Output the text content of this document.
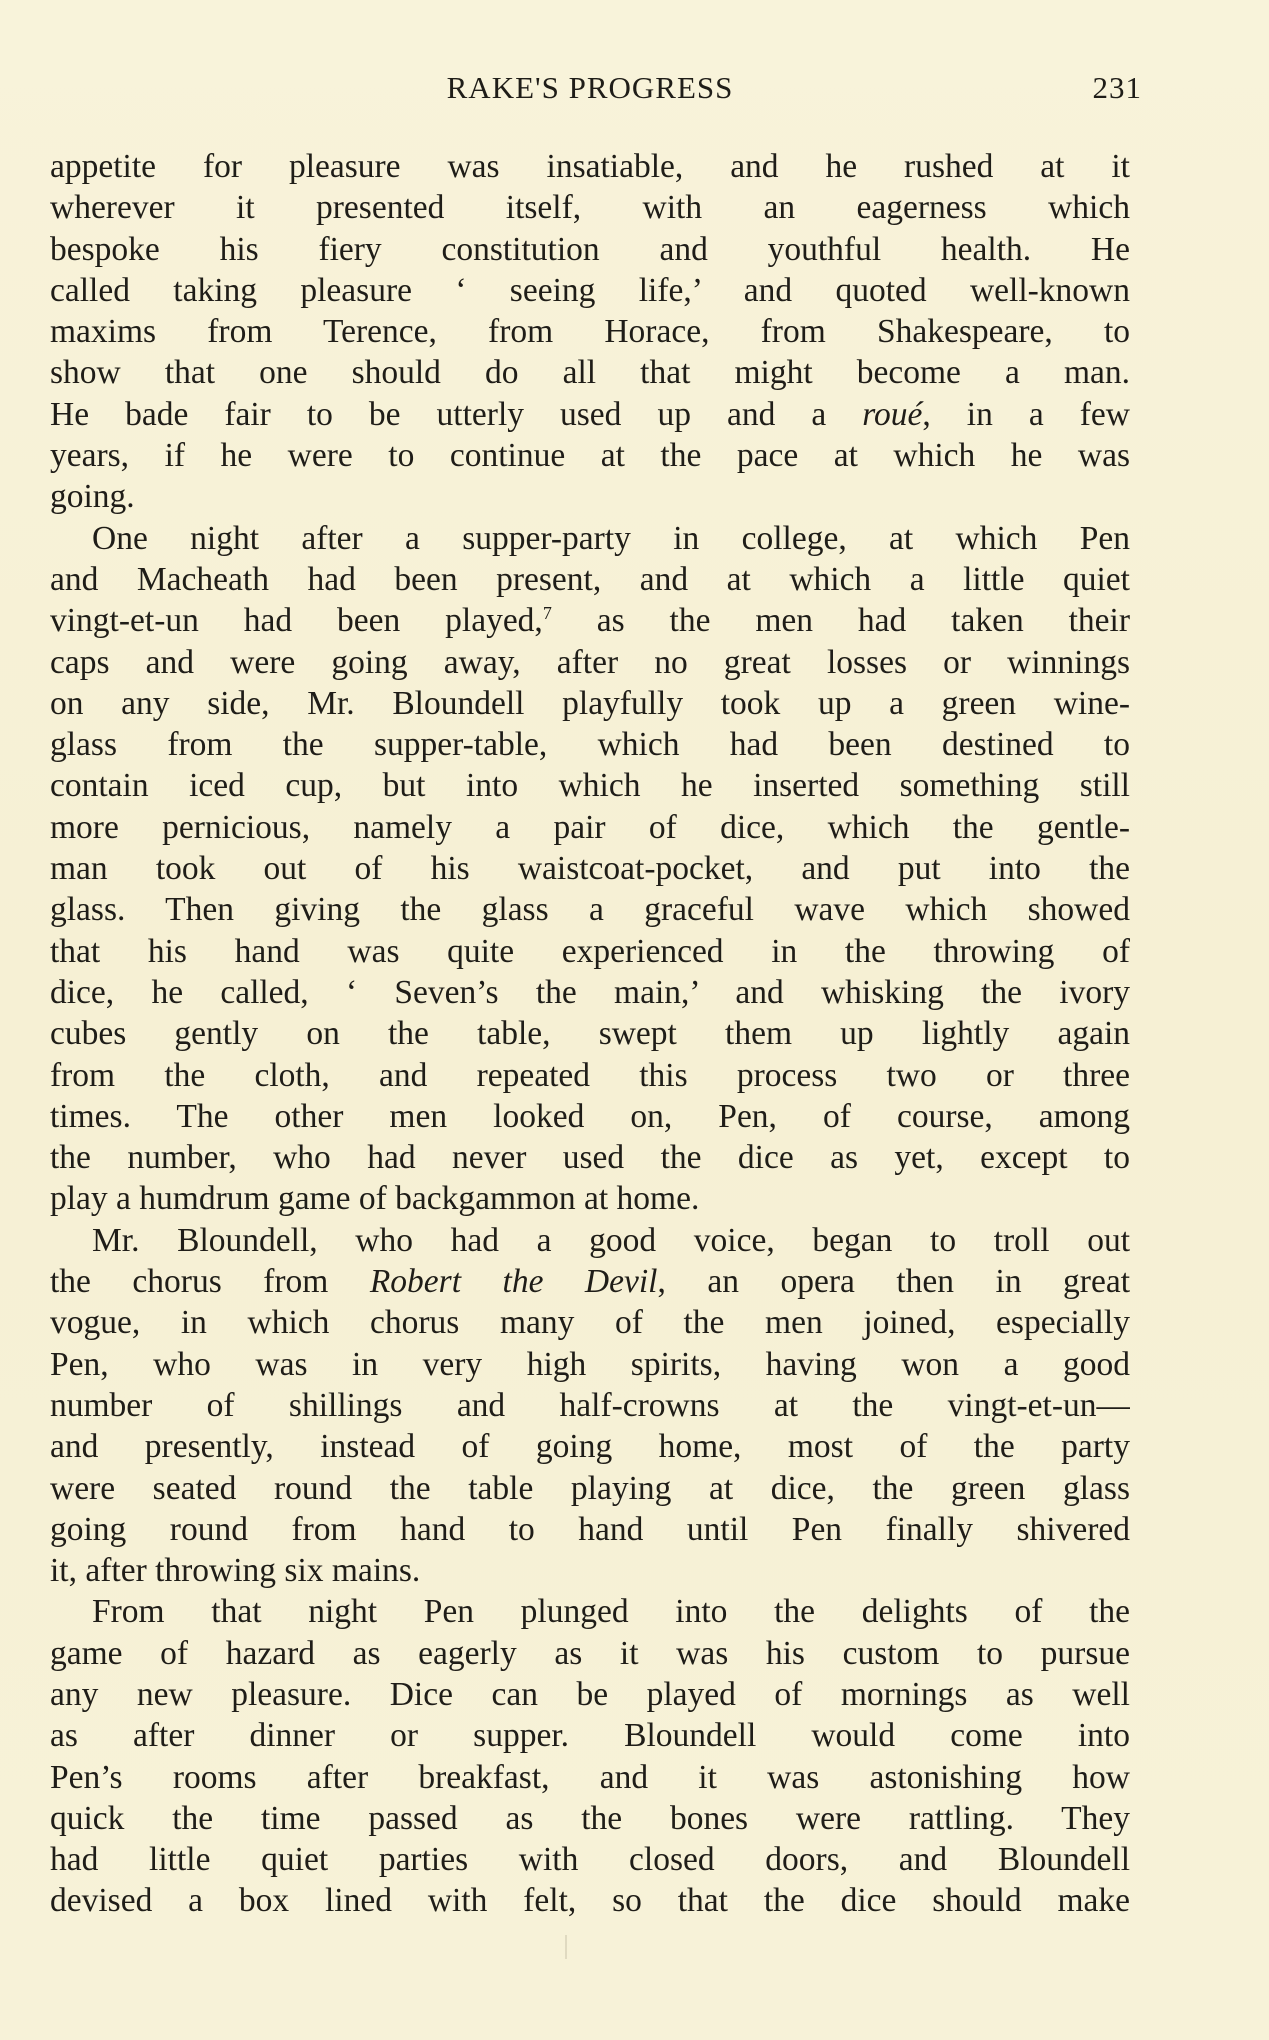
RAKE'S PROGRESS	231
appetite for pleasure was insatiable, and he rushed at it
wherever it presented itself, with an eagerness which
bespoke his fiery constitution and youthful health. He
called taking pleasure ‘ seeing life,’ and quoted well-known
maxims from Terence, from Horace, from Shakespeare, to
show that one should do all that might become a man.
He bade fair to be utterly used up and a roué, in a few
years, if he were to continue at the pace at which he was
going.
One night after a supper-party in college, at which Pen
and Macheath had been present, and at which a little quiet
vingt-et-un had been played,$^7$ as the men had taken their
caps and were going away, after no great losses or winnings
on any side, Mr. Bloundell playfully took up a green wine-
glass from the supper-table, which had been destined to
contain iced cup, but into which he inserted something still
more pernicious, namely a pair of dice, which the gentle-
man took out of his waistcoat-pocket, and put into the
glass. Then giving the glass a graceful wave which showed
that his hand was quite experienced in the throwing of
dice, he called, ‘ Seven’s the main,’ and whisking the ivory
cubes gently on the table, swept them up lightly again
from the cloth, and repeated this process two or three
times. The other men looked on, Pen, of course, among
the number, who had never used the dice as yet, except to
play a humdrum game of backgammon at home.
Mr. Bloundell, who had a good voice, began to troll out
the chorus from Robert the Devil, an opera then in great
vogue, in which chorus many of the men joined, especially
Pen, who was in very high spirits, having won a good
number of shillings and half-crowns at the vingt-et-un—
and presently, instead of going home, most of the party
were seated round the table playing at dice, the green glass
going round from hand to hand until Pen finally shivered
it, after throwing six mains.
From that night Pen plunged into the delights of the
game of hazard as eagerly as it was his custom to pursue
any new pleasure. Dice can be played of mornings as well
as after dinner or supper. Bloundell would come into
Pen’s rooms after breakfast, and it was astonishing how
quick the time passed as the bones were rattling. They
had little quiet parties with closed doors, and Bloundell
devised a box lined with felt, so that the dice should make
